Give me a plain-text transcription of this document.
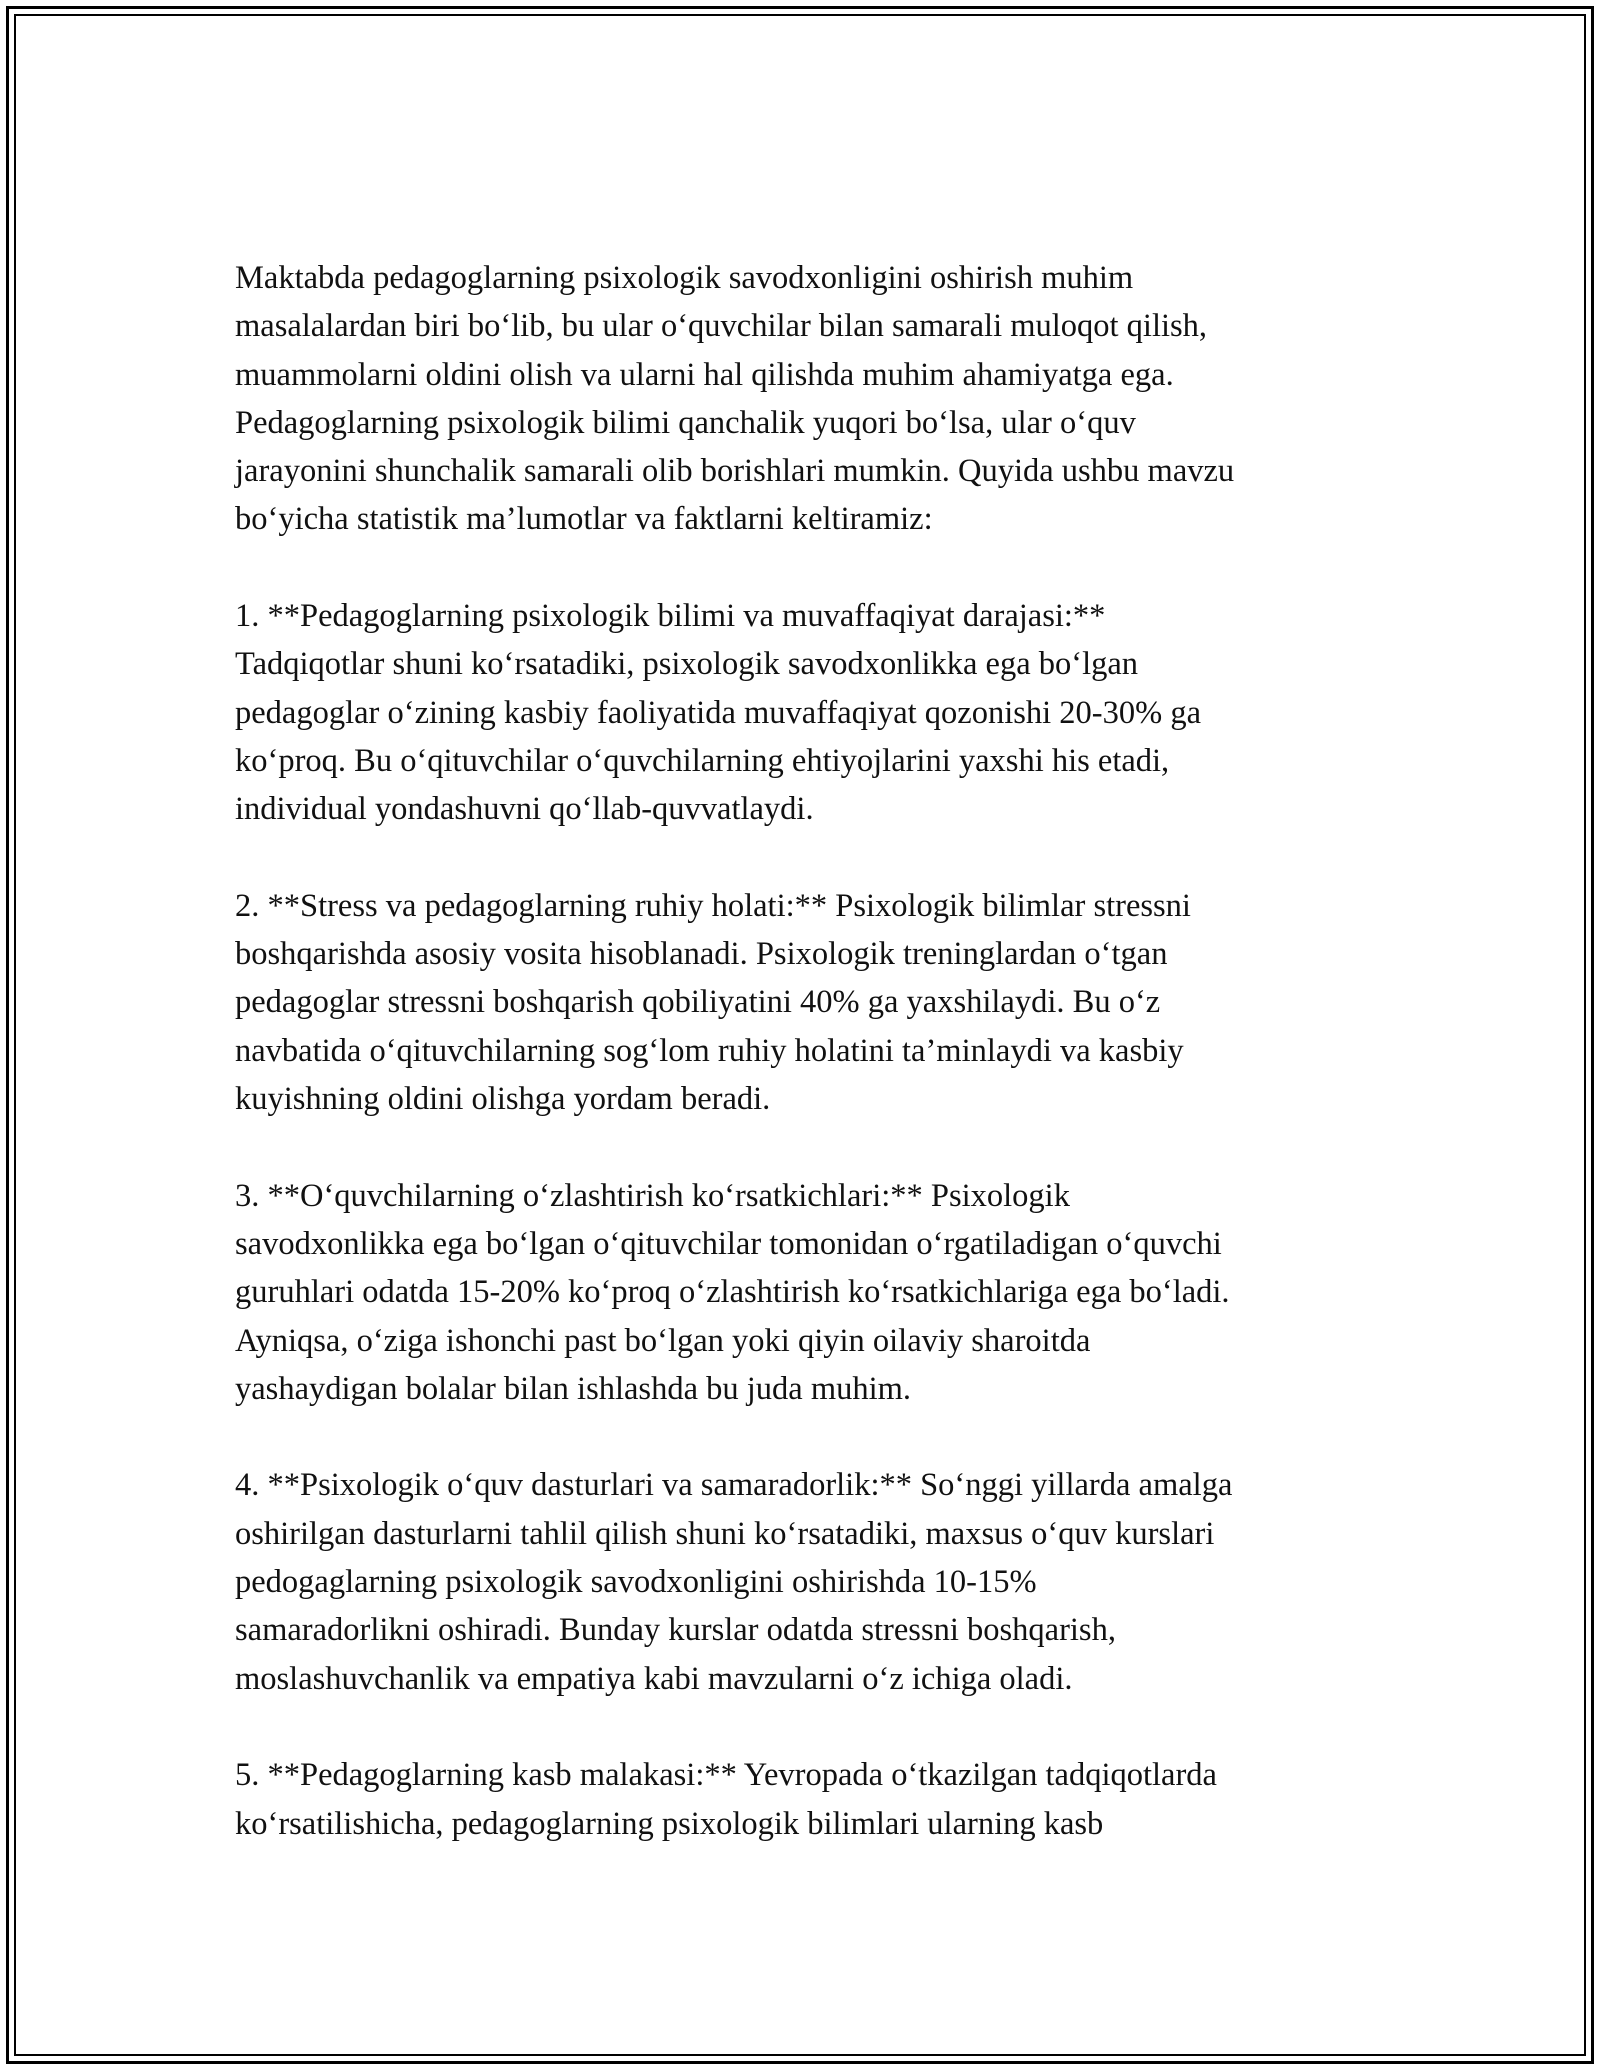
Maktabda pedagoglarning psixologik savodxonligini oshirish muhim
masalalardan biri bo‘lib, bu ular o‘quvchilar bilan samarali muloqot qilish,
muammolarni oldini olish va ularni hal qilishda muhim ahamiyatga ega.
Pedagoglarning psixologik bilimi qanchalik yuqori bo‘lsa, ular o‘quv
jarayonini shunchalik samarali olib borishlari mumkin. Quyida ushbu mavzu
bo‘yicha statistik ma’lumotlar va faktlarni keltiramiz:
1. **Pedagoglarning psixologik bilimi va muvaffaqiyat darajasi:**
Tadqiqotlar shuni ko‘rsatadiki, psixologik savodxonlikka ega bo‘lgan
pedagoglar o‘zining kasbiy faoliyatida muvaffaqiyat qozonishi 20-30% ga
ko‘proq. Bu o‘qituvchilar o‘quvchilarning ehtiyojlarini yaxshi his etadi,
individual yondashuvni qo‘llab-quvvatlaydi.
2. **Stress va pedagoglarning ruhiy holati:** Psixologik bilimlar stressni
boshqarishda asosiy vosita hisoblanadi. Psixologik treninglardan o‘tgan
pedagoglar stressni boshqarish qobiliyatini 40% ga yaxshilaydi. Bu o‘z
navbatida o‘qituvchilarning sog‘lom ruhiy holatini ta’minlaydi va kasbiy
kuyishning oldini olishga yordam beradi.
3. **O‘quvchilarning o‘zlashtirish ko‘rsatkichlari:** Psixologik
savodxonlikka ega bo‘lgan o‘qituvchilar tomonidan o‘rgatiladigan o‘quvchi
guruhlari odatda 15-20% ko‘proq o‘zlashtirish ko‘rsatkichlariga ega bo‘ladi.
Ayniqsa, o‘ziga ishonchi past bo‘lgan yoki qiyin oilaviy sharoitda
yashaydigan bolalar bilan ishlashda bu juda muhim.
4. **Psixologik o‘quv dasturlari va samaradorlik:** So‘nggi yillarda amalga
oshirilgan dasturlarni tahlil qilish shuni ko‘rsatadiki, maxsus o‘quv kurslari
pedogaglarning psixologik savodxonligini oshirishda 10-15%
samaradorlikni oshiradi. Bunday kurslar odatda stressni boshqarish,
moslashuvchanlik va empatiya kabi mavzularni o‘z ichiga oladi.
5. **Pedagoglarning kasb malakasi:** Yevropada o‘tkazilgan tadqiqotlarda
ko‘rsatilishicha, pedagoglarning psixologik bilimlari ularning kasb
